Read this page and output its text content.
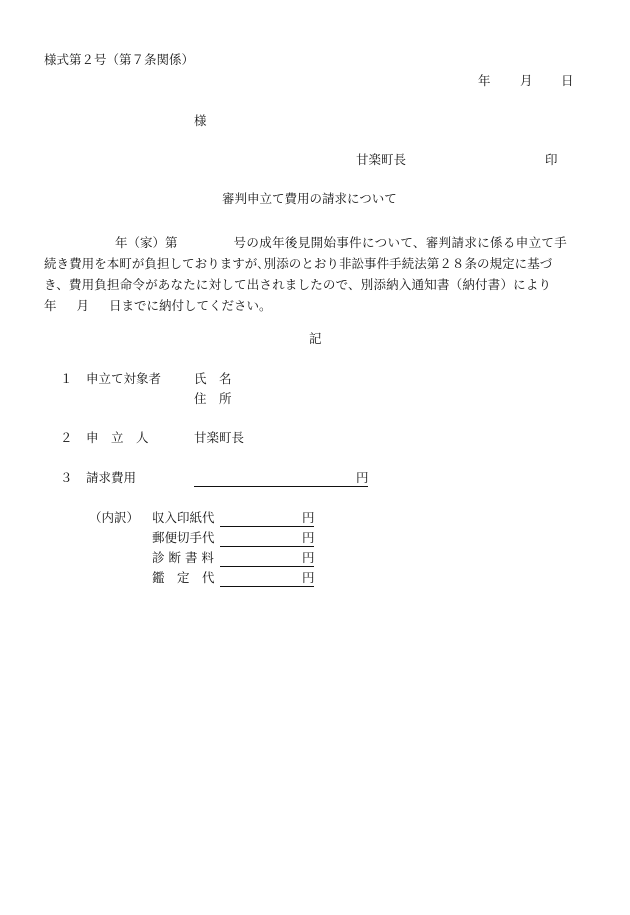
様式第２号（第７条関係）
年 月 日
様
甘楽町長	印
審判申立て費用の請求について
年（家）第	号の成年後見開始事件について、審判請求に係る申立て手
続き費用を本町が負担しておりますが､別添のとおり非訟事件手続法第２８条の規定に基づ
き、費用負担命令があなたに対して出されましたので、別添納入通知書（納付書）により
年 月 日までに納付してください。
記
１ 申立て対象者	氏　名
住　所
２ 申　立　人	甘楽町長
３ 請求費用	円
（内訳） 収入印紙代	円
郵便切手代	円
診 断 書 料	円
鑑　定　代	円
